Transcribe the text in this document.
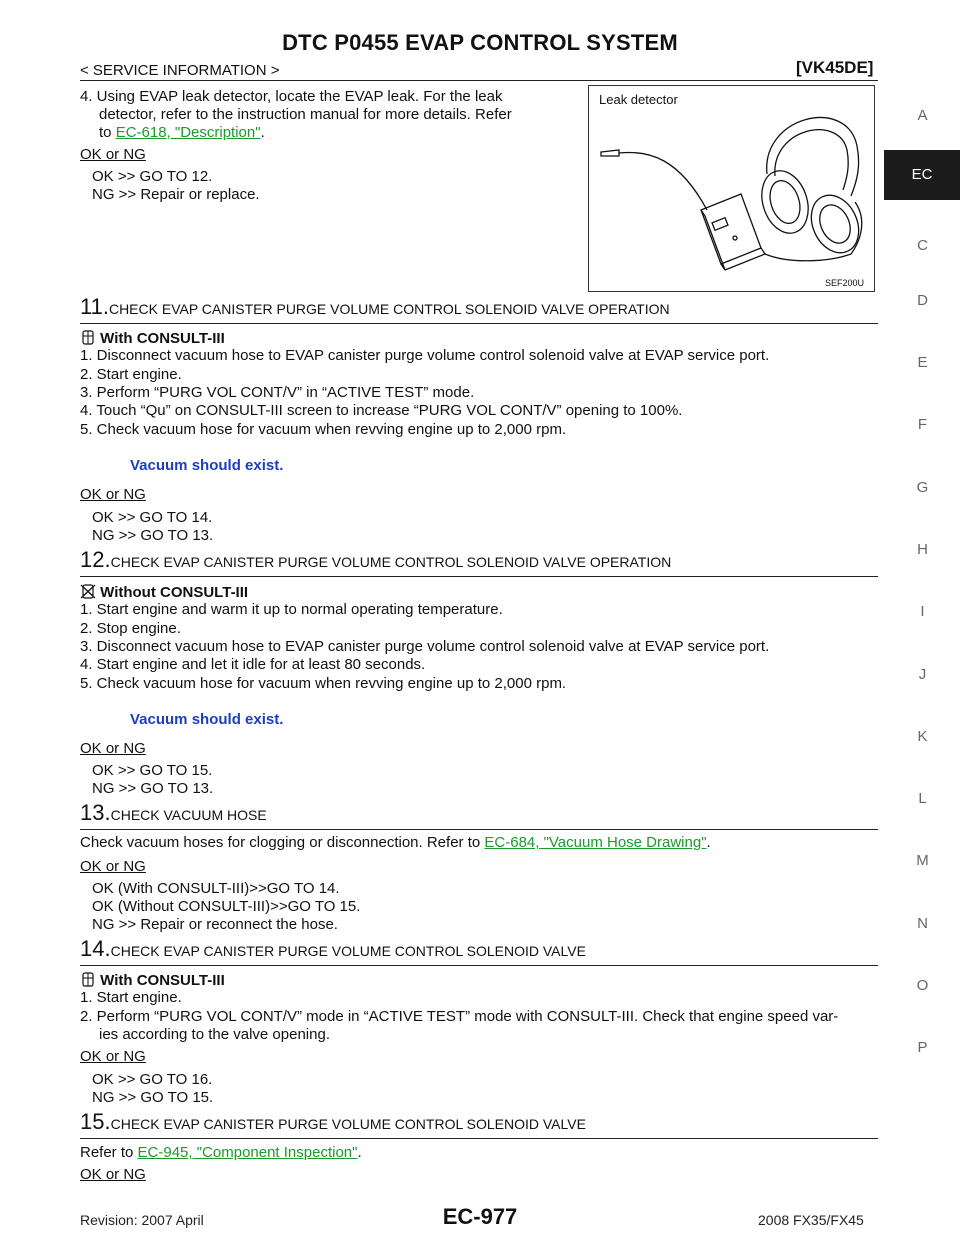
DTC P0455 EVAP CONTROL SYSTEM
< SERVICE INFORMATION >	[VK45DE]
A
EC
C
D
E
F
G
H
I
J
K
L
M
N
O
P
4. Using EVAP leak detector, locate the EVAP leak. For the leak
detector, refer to the instruction manual for more details. Refer
to EC-618, "Description".
OK or NG
OK >> GO TO 12.
NG >> Repair or replace.
Leak detector
SEF200U
11.CHECK EVAP CANISTER PURGE VOLUME CONTROL SOLENOID VALVE OPERATION
With CONSULT-III
1. Disconnect vacuum hose to EVAP canister purge volume control solenoid valve at EVAP service port.
2. Start engine.
3. Perform “PURG VOL CONT/V” in “ACTIVE TEST” mode.
4. Touch “Qu” on CONSULT-III screen to increase “PURG VOL CONT/V” opening to 100%.
5. Check vacuum hose for vacuum when revving engine up to 2,000 rpm.
Vacuum should exist.
OK or NG
OK >> GO TO 14.
NG >> GO TO 13.
12.CHECK EVAP CANISTER PURGE VOLUME CONTROL SOLENOID VALVE OPERATION
Without CONSULT-III
1. Start engine and warm it up to normal operating temperature.
2. Stop engine.
3. Disconnect vacuum hose to EVAP canister purge volume control solenoid valve at EVAP service port.
4. Start engine and let it idle for at least 80 seconds.
5. Check vacuum hose for vacuum when revving engine up to 2,000 rpm.
Vacuum should exist.
OK or NG
OK >> GO TO 15.
NG >> GO TO 13.
13.CHECK VACUUM HOSE
Check vacuum hoses for clogging or disconnection. Refer to EC-684, "Vacuum Hose Drawing".
OK or NG
OK (With CONSULT-III)>>GO TO 14.
OK (Without CONSULT-III)>>GO TO 15.
NG >> Repair or reconnect the hose.
14.CHECK EVAP CANISTER PURGE VOLUME CONTROL SOLENOID VALVE
With CONSULT-III
1. Start engine.
2. Perform “PURG VOL CONT/V” mode in “ACTIVE TEST” mode with CONSULT-III. Check that engine speed var-
ies according to the valve opening.
OK or NG
OK >> GO TO 16.
NG >> GO TO 15.
15.CHECK EVAP CANISTER PURGE VOLUME CONTROL SOLENOID VALVE
Refer to EC-945, "Component Inspection".
OK or NG
Revision: 2007 April	EC-977	2008 FX35/FX45
